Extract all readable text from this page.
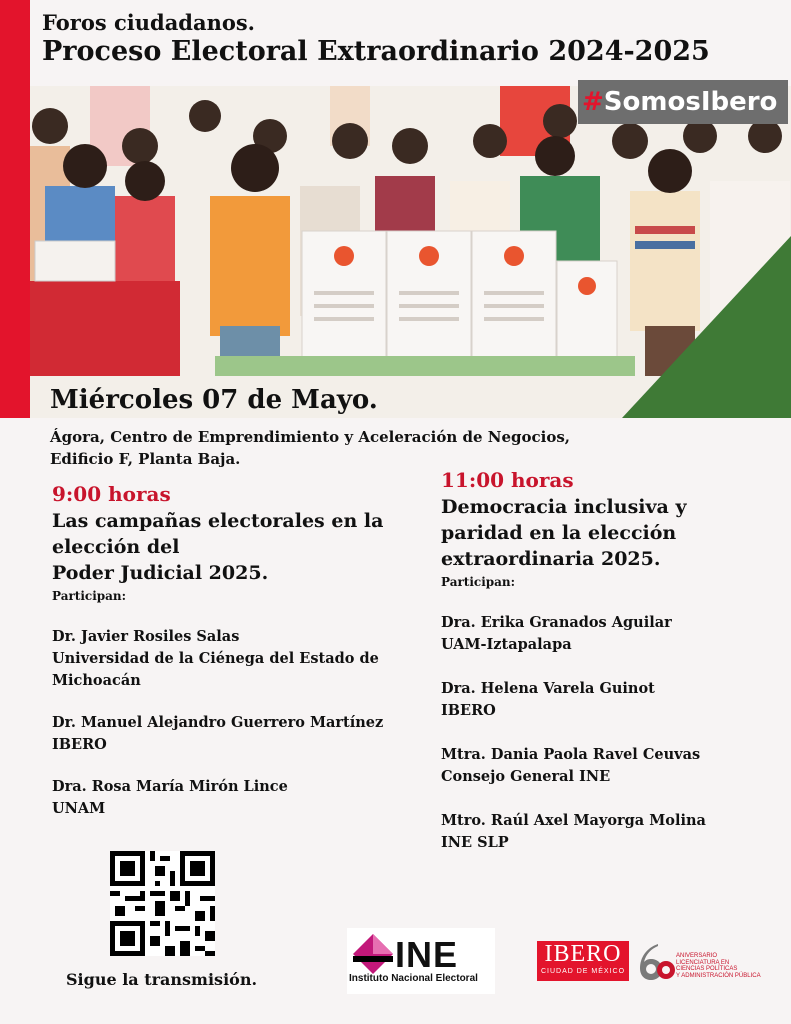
Foros ciudadanos.
Proceso Electoral Extraordinario 2024-2025
#SomosIbero
Miércoles 07 de Mayo.
Ágora, Centro de Emprendimiento y Aceleración de Negocios,
Edificio F, Planta Baja.
9:00 horas
Las campañas electorales en la
elección del
Poder Judicial 2025.
Participan:
Dr. Javier Rosiles Salas
Universidad de la Ciénega del Estado de
Michoacán
Dr. Manuel Alejandro Guerrero Martínez
IBERO
Dra. Rosa María Mirón Lince
UNAM
11:00 horas
Democracia inclusiva y
paridad en la elección
extraordinaria 2025.
Participan:
Dra. Erika Granados Aguilar
UAM-Iztapalapa
Dra. Helena Varela Guinot
IBERO
Mtra. Dania Paola Ravel Ceuvas
Consejo General INE
Mtro. Raúl Axel Mayorga Molina
INE SLP
Sigue la transmisión.
INE
Instituto Nacional Electoral
IBERO
CIUDAD DE MÉXICO
ANIVERSARIO
LICENCIATURA EN
CIENCIAS POLÍTICAS
Y ADMINISTRACIÓN PÚBLICA
